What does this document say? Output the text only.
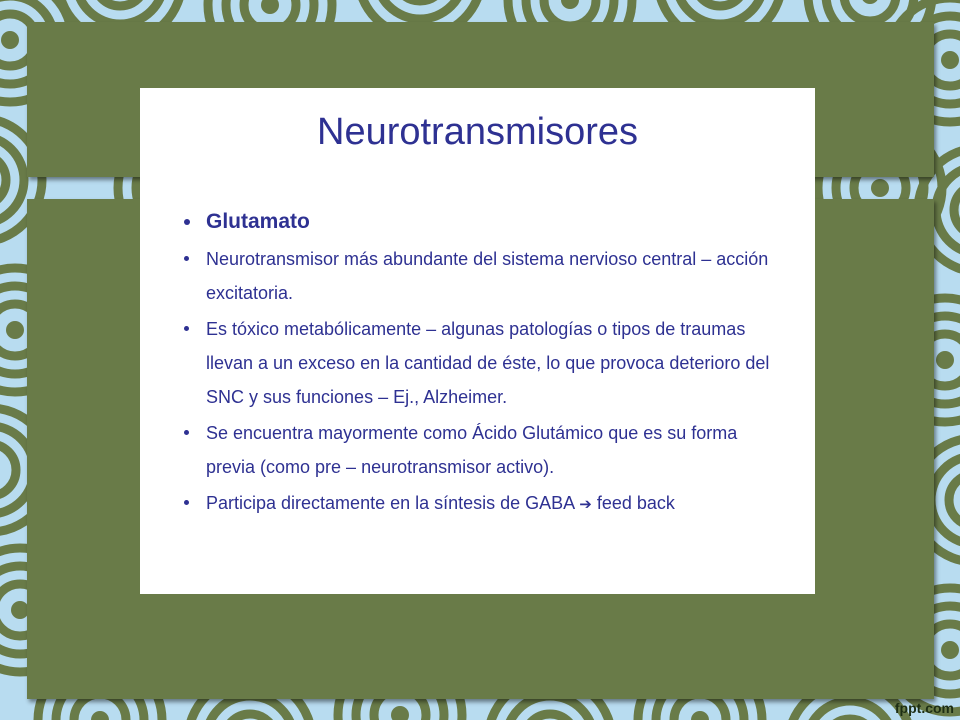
Neurotransmisores
Glutamato
Neurotransmisor más abundante del sistema nervioso central – acción excitatoria.
Es tóxico metabólicamente – algunas patologías o tipos de traumas llevan a un exceso en la cantidad de éste, lo que provoca deterioro del SNC y sus funciones – Ej., Alzheimer.
Se encuentra mayormente como Ácido Glutámico que es su forma previa (como pre – neurotransmisor activo).
Participa directamente en la síntesis de GABA ➔ feed back
fppt.com
